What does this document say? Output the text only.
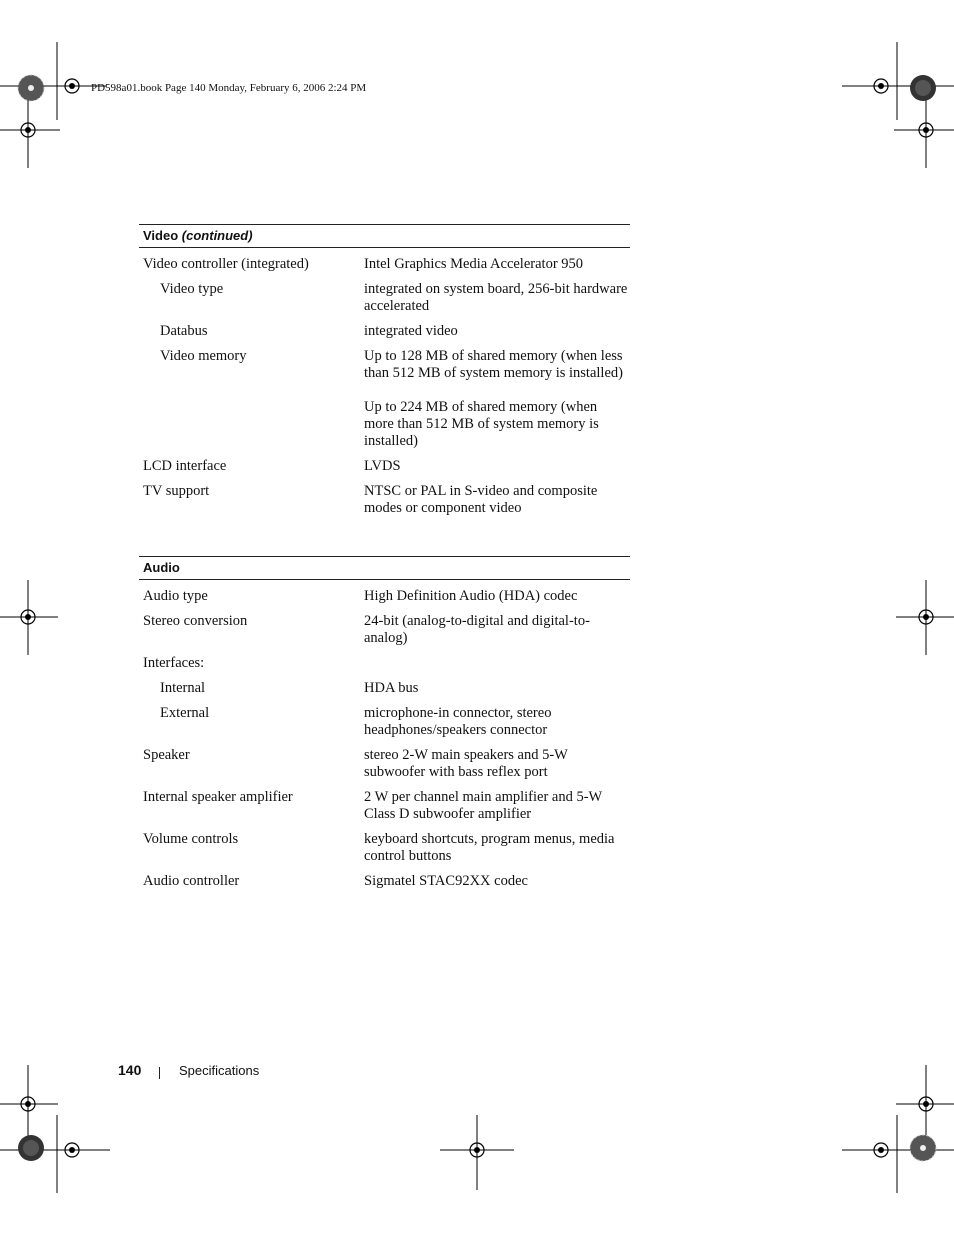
PD598a01.book Page 140 Monday, February 6, 2006 2:24 PM
Video (continued)
Video controller (integrated)	Intel Graphics Media Accelerator 950

Video type	integrated on system board, 256-bit hardware accelerated

Databus	integrated video

Video memory	Up to 128 MB of shared memory (when less than 512 MB of system memory is installed)

Up to 224 MB of shared memory (when more than 512 MB of system memory is installed)

LCD interface	LVDS

TV support	NTSC or PAL in S-video and composite modes or component video

Audio
Audio type	High Definition Audio (HDA) codec

Stereo conversion	24-bit (analog-to-digital and digital-to-analog)

Interfaces:
Internal	HDA bus

External	microphone-in connector, stereo headphones/speakers connector

Speaker	stereo 2-W main speakers and 5-W subwoofer with bass reflex port

Internal speaker amplifier	2 W per channel main amplifier and 5-W Class D subwoofer amplifier

Volume controls	keyboard shortcuts, program menus, media control buttons

Audio controller	Sigmatel STAC92XX codec

140	Specifications
